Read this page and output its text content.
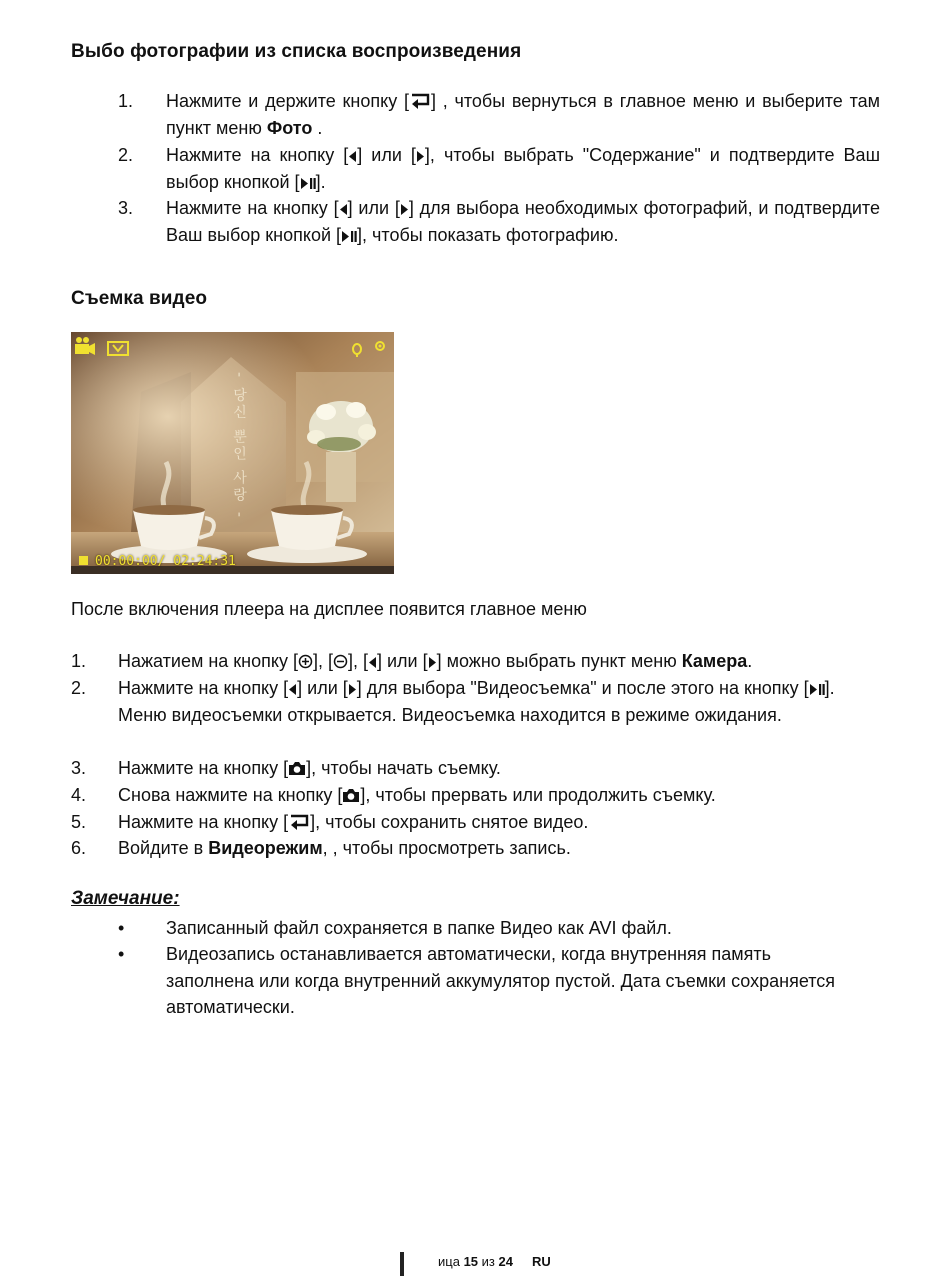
Выбо фотографии из списка воспроизведения
1. Нажмите и держите кнопку [ ] , чтобы вернуться в главное меню и выберите там пункт меню Фото .
2. Нажмите на кнопку [ ] или [ ], чтобы выбрать "Содержание" и подтвердите Ваш выбор кнопкой [ ].
3. Нажмите на кнопку [ ] или [ ] для выбора необходимых фотографий, и подтвердите Ваш выбор кнопкой [ ], чтобы показать фотографию.
Съемка видео
- 당신 뿐인 사랑 -
00:00:00/ 02:24:31
После включения плеера на дисплее появится главное меню
1. Нажатием на кнопку [ ], [ ], [ ] или [ ] можно выбрать пункт меню Камера.
2. Нажмите на кнопку [ ] или [ ] для выбора "Видеосъемка" и после этого на кнопку [ ]. Меню видеосъемки открывается. Видеосъемка находится в режиме ожидания.
3. Нажмите на кнопку [ ], чтобы начать съемку.
4. Снова нажмите на кнопку [ ], чтобы прервать или продолжить съемку.
5. Нажмите на кнопку [ ], чтобы сохранить снятое видео.
6. Войдите в Видеорежим, , чтобы просмотреть запись.
Замечание:
• Записанный файл сохраняется в папке Видео как AVI файл.
• Видеозапись останавливается автоматически, когда внутренняя память заполнена или когда внутренний аккумулятор пустой. Дата съемки сохраняется автоматически.
ица 15 из 24 RU
